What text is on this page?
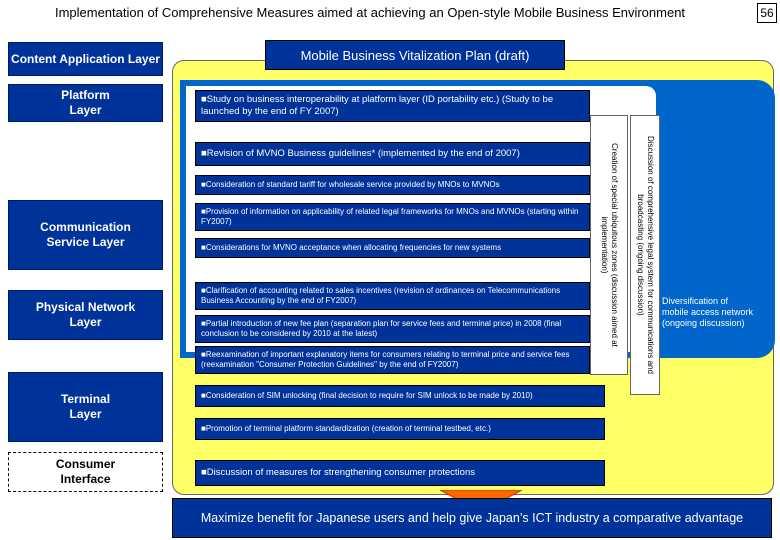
Implementation of Comprehensive Measures aimed at achieving an Open-style Mobile Business Environment	56
Content Application Layer
Platform Layer
Communication Service Layer
Physical Network Layer
Terminal Layer
Consumer Interface
Mobile Business Vitalization Plan (draft)
■Study on business interoperability at platform layer (ID portability etc.) (Study to be launched by the end of FY 2007)
■Revision of MVNO Business guidelines* (implemented by the end of 2007)
■Consideration of standard tariff for wholesale service provided by MNOs to MVNOs
■Provision of information on applicability of related legal frameworks for MNOs and MVNOs (starting within FY2007)
■Considerations for MVNO acceptance when allocating frequencies for new systems
■Clarification of accounting related to sales incentives (revision of ordinances on Telecommunications Business Accounting by the end of FY2007)
■Partial introduction of new fee plan (separation plan for service fees and terminal price) in 2008 (final conclusion to be considered by 2010 at the latest)
■Reexamination of important explanatory items for consumers relating to terminal price and service fees (reexamination "Consumer Protection Guidelines" by the end of FY2007)
■Consideration of SIM unlocking (final decision to require for SIM unlock to be made by 2010)
■Promotion of terminal platform standardization (creation of terminal testbed, etc.)
■Discussion of measures for strengthening consumer protections
Creation of special ubiquitous zones (discussion aimed at implementation)	Discussion of comprehensive legal system for communications and broadcasting (ongoing discussion)	Diversification of mobile access network (ongoing discussion)
Maximize benefit for Japanese users and help give Japan’s ICT industry a comparative advantage
